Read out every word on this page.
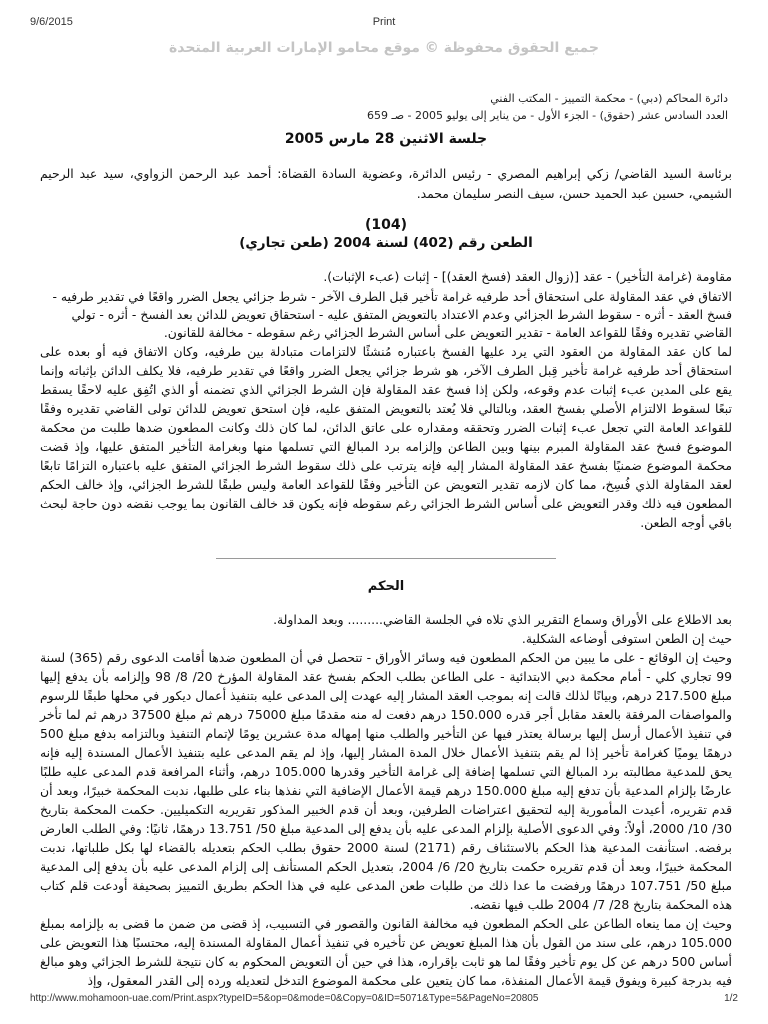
9/6/2015	Print
جميع الحقوق محفوظة © موقع محامو الإمارات العربية المتحدة
دائرة المحاكم (دبي) - محكمة التمييز - المكتب الفني
العدد السادس عشر (حقوق) - الجزء الأول - من يناير إلى يوليو 2005 - صـ 659
جلسة الاثنين 28 مارس 2005

برئاسة السيد القاضي/ زكي إبراهيم المصري - رئيس الدائرة، وعضوية السادة القضاة: أحمد عبد الرحمن الزواوي، سيد عبد الرحيم الشيمي، حسين عبد الحميد حسن، سيف النصر سليمان محمد.

(104)
الطعن رقم (402) لسنة 2004 (طعن تجاري)

مقاومة (غرامة التأخير) - عقد [(زوال العقد (فسخ العقد)] - إثبات (عبء الإثبات).

الاتفاق في عقد المقاولة على استحقاق أحد طرفيه غرامة تأخير قبل الطرف الآخر - شرط جزائي يجعل الضرر واقعًا في تقدير طرفيه - فسخ العقد - أثره - سقوط الشرط الجزائي وعدم الاعتداد بالتعويض المتفق عليه - استحقاق تعويض للدائن بعد الفسخ - أثره - تولي القاضي تقديره وفقًا للقواعد العامة - تقدير التعويض على أساس الشرط الجزائي رغم سقوطه - مخالفة للقانون.

لما كان عقد المقاولة من العقود التي يرد عليها الفسخ باعتباره مُنشئًا لالتزامات متبادلة بين طرفيه، وكان الاتفاق فيه أو بعده على استحقاق أحد طرفيه غرامة تأخير قِبل الطرف الآخر، هو شرط جزائي يجعل الضرر واقعًا في تقدير طرفيه، فلا يكلف الدائن بإثباته وإنما يقع على المدين عبء إثبات عدم وقوعه، ولكن إذا فسخ عقد المقاولة فإن الشرط الجزائي الذي تضمنه أو الذي اتُفِق عليه لاحقًا يسقط تبعًا لسقوط الالتزام الأصلي بفسخ العقد، وبالتالي فلا يُعتد بالتعويض المتفق عليه، فإن استحق تعويض للدائن تولى القاضي تقديره وفقًا للقواعد العامة التي تجعل عبء إثبات الضرر وتحققه ومقداره على عاتق الدائن، لما كان ذلك وكانت المطعون ضدها طلبت من محكمة الموضوع فسخ عقد المقاولة المبرم بينها وبين الطاعن وإلزامه برد المبالغ التي تسلمها منها وبغرامة التأخير المتفق عليها، وإذ قضت محكمة الموضوع ضمنيًا بفسخ عقد المقاولة المشار إليه فإنه يترتب على ذلك سقوط الشرط الجزائي المتفق عليه باعتباره التزامًا تابعًا لعقد المقاولة الذي فُسِخ، مما كان لازمه تقدير التعويض عن التأخير وفقًا للقواعد العامة وليس طبقًا للشرط الجزائي، وإذ خالف الحكم المطعون فيه ذلك وقدر التعويض على أساس الشرط الجزائي رغم سقوطه فإنه يكون قد خالف القانون بما يوجب نقضه دون حاجة لبحث باقي أوجه الطعن.

الحكم

بعد الاطلاع على الأوراق وسماع التقرير الذي تلاه في الجلسة القاضي......... وبعد المداولة.

حيث إن الطعن استوفى أوضاعه الشكلية.

وحيث إن الوقائع - على ما يبين من الحكم المطعون فيه وسائر الأوراق - تتحصل في أن المطعون ضدها أقامت الدعوى رقم (365) لسنة 99 تجاري كلي - أمام محكمة دبي الابتدائية - على الطاعن بطلب الحكم بفسخ عقد المقاولة المؤرخ 20/ 8/ 98 وإلزامه بأن يدفع إليها مبلغ 217.500 درهم، وبيانًا لذلك قالت إنه بموجب العقد المشار إليه عهدت إلى المدعى عليه بتنفيذ أعمال ديكور في محلها طبقًا للرسوم والمواصفات المرفقة بالعقد مقابل أجر قدره 150.000 درهم دفعت له منه مقدمًا مبلغ 75000 درهم ثم مبلغ 37500 درهم ثم لما تأخر في تنفيذ الأعمال أرسل إليها برسالة يعتذر فيها عن التأخير والطلب منها إمهاله مدة عشرين يومًا لإتمام التنفيذ وبالتزامه بدفع مبلغ 500 درهمًا يوميًا كغرامة تأخير إذا لم يقم بتنفيذ الأعمال خلال المدة المشار إليها، وإذ لم يقم المدعى عليه بتنفيذ الأعمال المسندة إليه فإنه يحق للمدعية مطالبته برد المبالغ التي تسلمها إضافة إلى غرامة التأخير وقدرها 105.000 درهم، وأثناء المرافعة قدم المدعى عليه طلبًا عارضًا بإلزام المدعية بأن تدفع إليه مبلغ 150.000 درهم قيمة الأعمال الإضافية التي نفذها بناء على طلبها، ندبت المحكمة خبيرًا، وبعد أن قدم تقريره، أعيدت المأمورية إليه لتحقيق اعتراضات الطرفين، وبعد أن قدم الخبير المذكور تقريريه التكميليين. حكمت المحكمة بتاريخ 30/ 10/ 2000، أولاً: وفي الدعوى الأصلية بإلزام المدعى عليه بأن يدفع إلى المدعية مبلغ 50/ 13.751 درهمًا، ثانيًا: وفي الطلب العارض برفضه. استأنفت المدعية هذا الحكم بالاستئناف رقم (2171) لسنة 2000 حقوق بطلب الحكم بتعديله بالقضاء لها بكل طلباتها، ندبت المحكمة خبيرًا، وبعد أن قدم تقريره حكمت بتاريخ 20/ 6/ 2004، بتعديل الحكم المستأنف إلى إلزام المدعى عليه بأن يدفع إلى المدعية مبلغ 50/ 107.751 درهمًا ورفضت ما عدا ذلك من طلبات طعن المدعى عليه في هذا الحكم بطريق التمييز بصحيفة أودعت قلم كتاب هذه المحكمة بتاريخ 28/ 7/ 2004 طلب فيها نقضه.

وحيث إن مما ينعاه الطاعن على الحكم المطعون فيه مخالفة القانون والقصور في التسبيب، إذ قضى من ضمن ما قضى به بإلزامه بمبلغ 105.000 درهم، على سند من القول بأن هذا المبلغ تعويض عن تأخيره في تنفيذ أعمال المقاولة المسندة إليه، محتسبًا هذا التعويض على أساس 500 درهم عن كل يوم تأخير وفقًا لما هو ثابت بإقراره، هذا في حين أن التعويض المحكوم به كان نتيجة للشرط الجزائي وهو مبالغ فيه بدرجة كبيرة ويفوق قيمة الأعمال المنفذة، مما كان يتعين على محكمة الموضوع التدخل لتعديله ورده إلى القدر المعقول، وإذ

http://www.mohamoon-uae.com/Print.aspx?typeID=5&op=0&mode=0&Copy=0&ID=5071&Type=5&PageNo=20805	1/2
